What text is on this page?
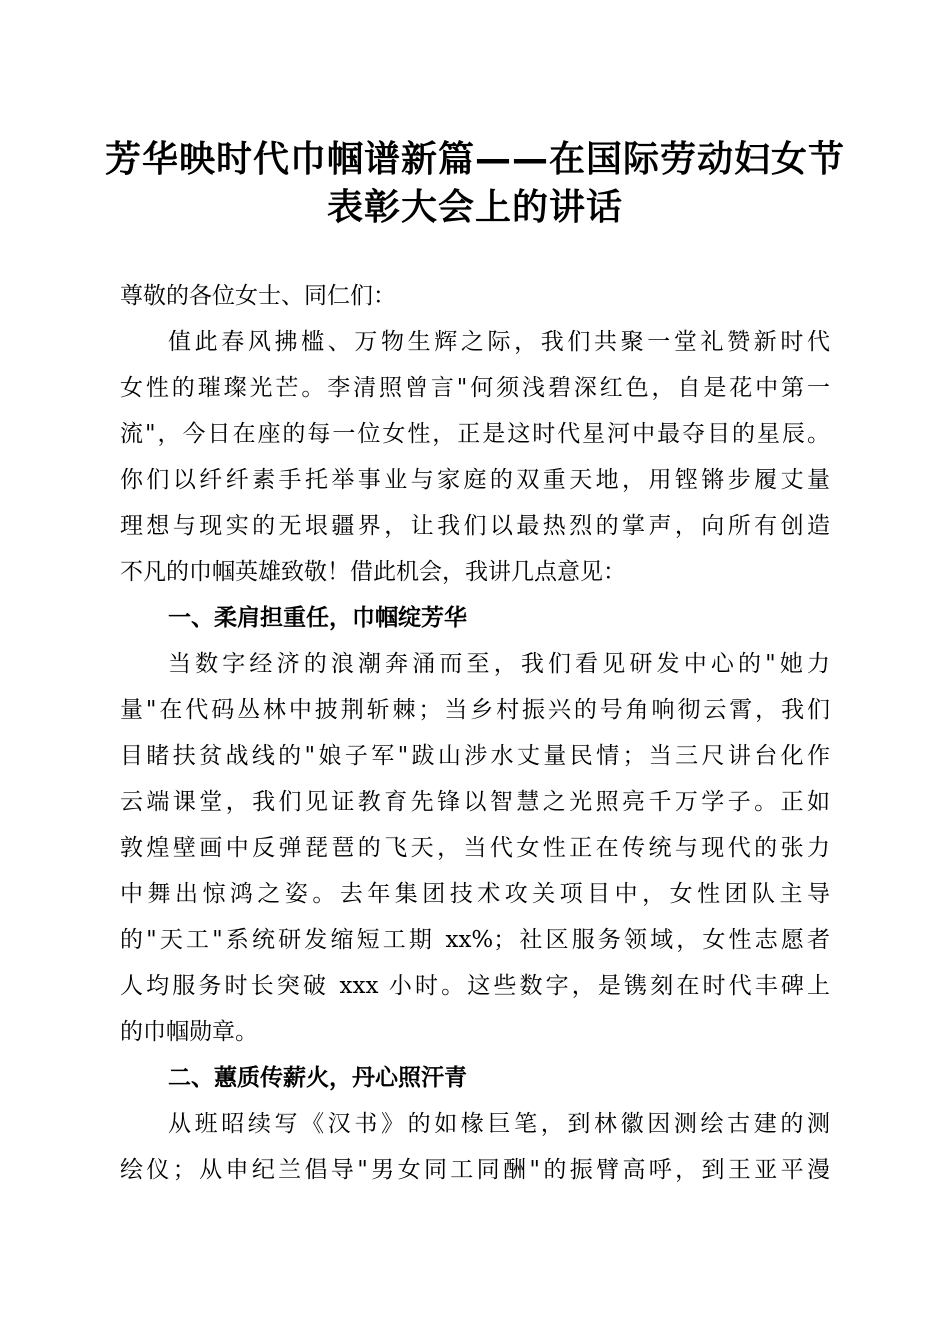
芳华映时代巾帼谱新篇——在国际劳动妇女节
表彰大会上的讲话
尊敬的各位女士、同仁们：
值此春风拂槛、万物生辉之际，我们共聚一堂礼赞新时代
女性的璀璨光芒。李清照曾言"何须浅碧深红色，自是花中第一
流"，今日在座的每一位女性，正是这时代星河中最夺目的星辰。
你们以纤纤素手托举事业与家庭的双重天地，用铿锵步履丈量
理想与现实的无垠疆界，让我们以最热烈的掌声，向所有创造
不凡的巾帼英雄致敬！借此机会，我讲几点意见：
一、柔肩担重任，巾帼绽芳华
当数字经济的浪潮奔涌而至，我们看见研发中心的"她力
量"在代码丛林中披荆斩棘；当乡村振兴的号角响彻云霄，我们
目睹扶贫战线的"娘子军"跋山涉水丈量民情；当三尺讲台化作
云端课堂，我们见证教育先锋以智慧之光照亮千万学子。正如
敦煌壁画中反弹琵琶的飞天，当代女性正在传统与现代的张力
中舞出惊鸿之姿。去年集团技术攻关项目中，女性团队主导
的"天工"系统研发缩短工期 xx%；社区服务领域，女性志愿者
人均服务时长突破 xxx 小时。这些数字，是镌刻在时代丰碑上
的巾帼勋章。
二、蕙质传薪火，丹心照汗青
从班昭续写《汉书》的如椽巨笔，到林徽因测绘古建的测
绘仪；从申纪兰倡导"男女同工同酬"的振臂高呼，到王亚平漫
